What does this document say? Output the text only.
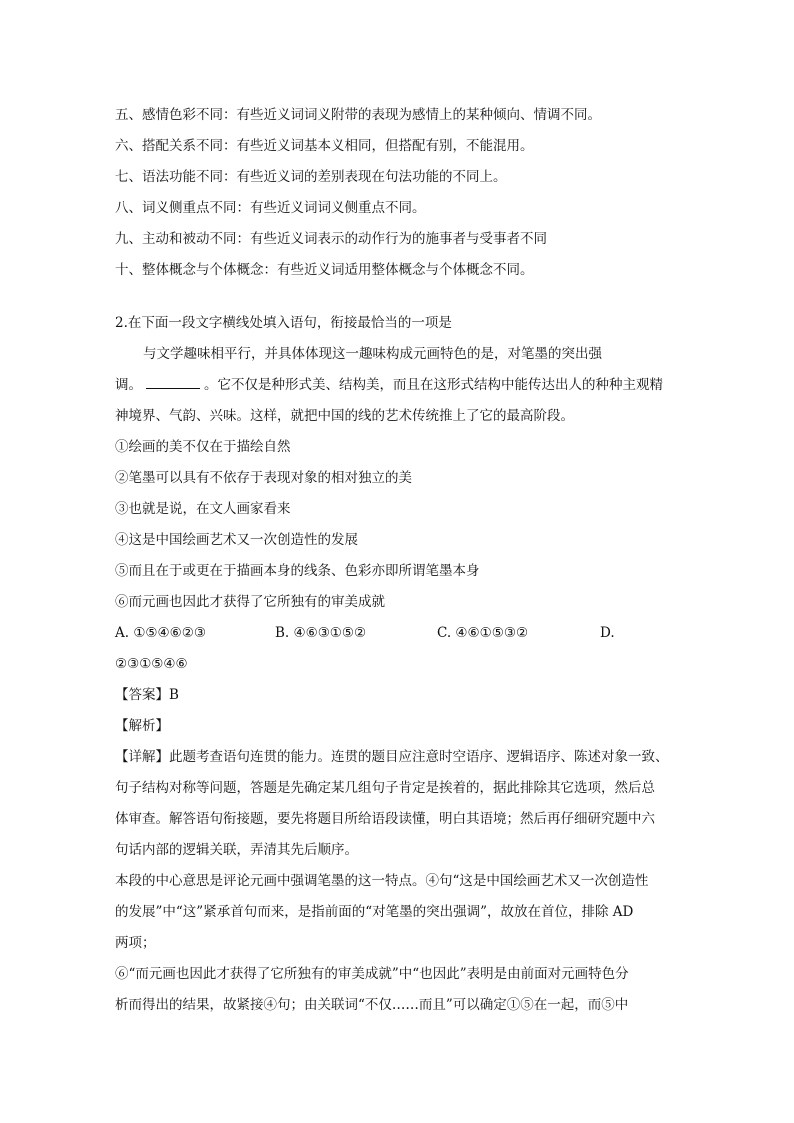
五、感情色彩不同：有些近义词词义附带的表现为感情上的某种倾向、情调不同。
六、搭配关系不同：有些近义词基本义相同，但搭配有别，不能混用。
七、语法功能不同：有些近义词的差别表现在句法功能的不同上。
八、词义侧重点不同：有些近义词词义侧重点不同。
九、主动和被动不同：有些近义词表示的动作行为的施事者与受事者不同
十、整体概念与个体概念：有些近义词适用整体概念与个体概念不同。
2.在下面一段文字横线处填入语句，衔接最恰当的一项是
与文学趣味相平行，并具体体现这一趣味构成元画特色的是，对笔墨的突出强
调。	。它不仅是种形式美、结构美，而且在这形式结构中能传达出人的种种主观精
神境界、气韵、兴味。这样，就把中国的线的艺术传统推上了它的最高阶段。
①绘画的美不仅在于描绘自然
②笔墨可以具有不依存于表现对象的相对独立的美
③也就是说，在文人画家看来
④这是中国绘画艺术又一次创造性的发展
⑤而且在于或更在于描画本身的线条、色彩亦即所谓笔墨本身
⑥而元画也因此才获得了它所独有的审美成就
A. ①⑤④⑥②③	B. ④⑥③①⑤②	C. ④⑥①⑤③②	D.
②③①⑤④⑥
【答案】B
【解析】
【详解】此题考查语句连贯的能力。连贯的题目应注意时空语序、逻辑语序、陈述对象一致、
句子结构对称等问题，答题是先确定某几组句子肯定是挨着的，据此排除其它选项，然后总
体审查。解答语句衔接题，要先将题目所给语段读懂，明白其语境；然后再仔细研究题中六
句话内部的逻辑关联，弄清其先后顺序。
本段的中心意思是评论元画中强调笔墨的这一特点。④句“这是中国绘画艺术又一次创造性
的发展”中“这”紧承首句而来，是指前面的“对笔墨的突出强调”，故放在首位，排除 AD
两项；
⑥“而元画也因此才获得了它所独有的审美成就”中“也因此”表明是由前面对元画特色分
析而得出的结果，故紧接④句；由关联词“不仅……而且”可以确定①⑤在一起，而⑤中
